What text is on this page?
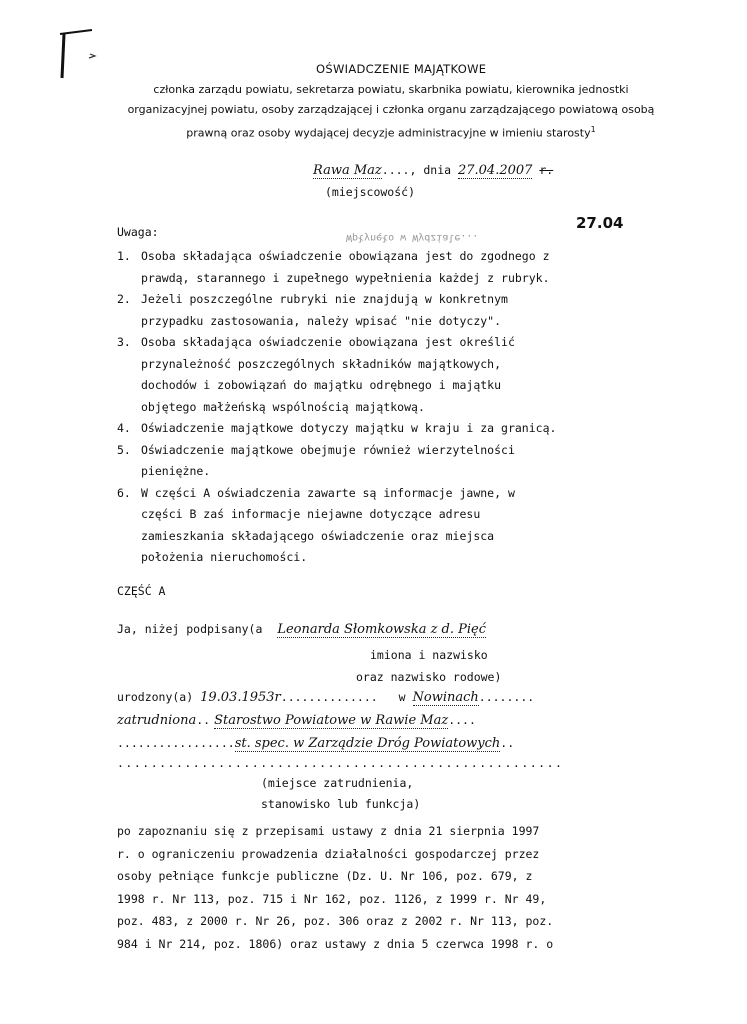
OŚWIADCZENIE MAJĄTKOWE
członka zarządu powiatu, sekretarza powiatu, skarbnika powiatu, kierownika jednostki
organizacyjnej powiatu, osoby zarządzającej i członka organu zarządzającego powiatową osobą
prawną oraz osoby wydającej decyzje administracyjne w imieniu starosty$^1$
Rawa Maz...., dnia 27.04.2007 r.
(miejscowość)
27.04
Wpłynęło w Wydziale...
Uwaga:
1. Osoba składająca oświadczenie obowiązana jest do zgodnego z
prawdą, starannego i zupełnego wypełnienia każdej z rubryk.
2. Jeżeli poszczególne rubryki nie znajdują w konkretnym
przypadku zastosowania, należy wpisać "nie dotyczy".
3. Osoba składająca oświadczenie obowiązana jest określić
przynależność poszczególnych składników majątkowych,
dochodów i zobowiązań do majątku odrębnego i majątku
objętego małżeńską wspólnością majątkową.
4. Oświadczenie majątkowe dotyczy majątku w kraju i za granicą.
5. Oświadczenie majątkowe obejmuje również wierzytelności
pieniężne.
6. W części A oświadczenia zawarte są informacje jawne, w
części B zaś informacje niejawne dotyczące adresu
zamieszkania składającego oświadczenie oraz miejsca
położenia nieruchomości.
CZĘŚĆ A
Ja, niżej podpisany(a Leonarda Słomkowska z d. Pięć
imiona i nazwisko
oraz nazwisko rodowe)
urodzony(a) 19.03.1953r.............. w Nowinach........
zatrudniona.. Starostwo Powiatowe w Rawie Maz....
.................st. spec. w Zarządzie Dróg Powiatowych..
.....................................................
(miejsce zatrudnienia,
stanowisko lub funkcja)
po zapoznaniu się z przepisami ustawy z dnia 21 sierpnia 1997
r. o ograniczeniu prowadzenia działalności gospodarczej przez
osoby pełniące funkcje publiczne (Dz. U. Nr 106, poz. 679, z
1998 r. Nr 113, poz. 715 i Nr 162, poz. 1126, z 1999 r. Nr 49,
poz. 483, z 2000 r. Nr 26, poz. 306 oraz z 2002 r. Nr 113, poz.
984 i Nr 214, poz. 1806) oraz ustawy z dnia 5 czerwca 1998 r. o
